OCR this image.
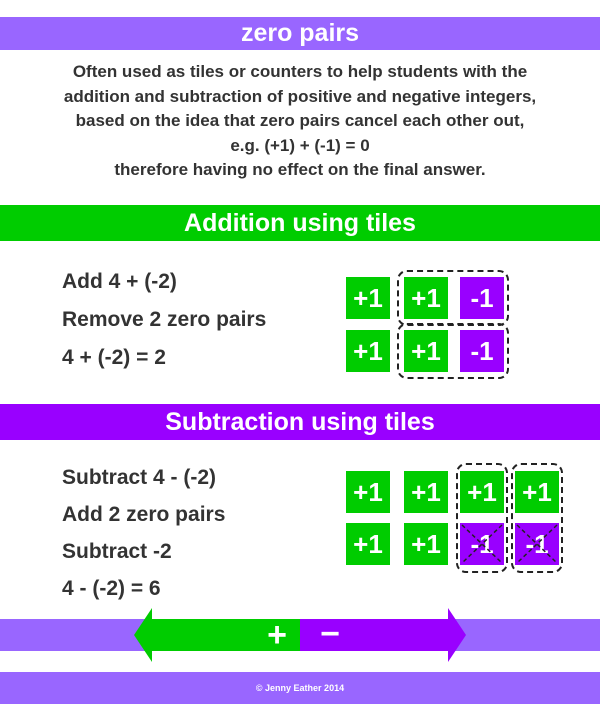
zero pairs
Often used as tiles or counters to help students with the
addition and subtraction of positive and negative integers,
based on the idea that zero pairs cancel each other out,
e.g. (+1) + (-1) = 0
therefore having no effect on the final answer.
Addition using tiles
Add 4 + (-2)
Remove 2 zero pairs
4 + (-2) = 2
+1 +1	-1
+1 +1	-1
Subtraction using tiles
Subtract 4 - (-2)
Add 2 zero pairs
Subtract -2
4 - (-2) = 6
+1 +1 +1 +1
+1 +1	-1	-1
+ −
© Jenny Eather 2014
